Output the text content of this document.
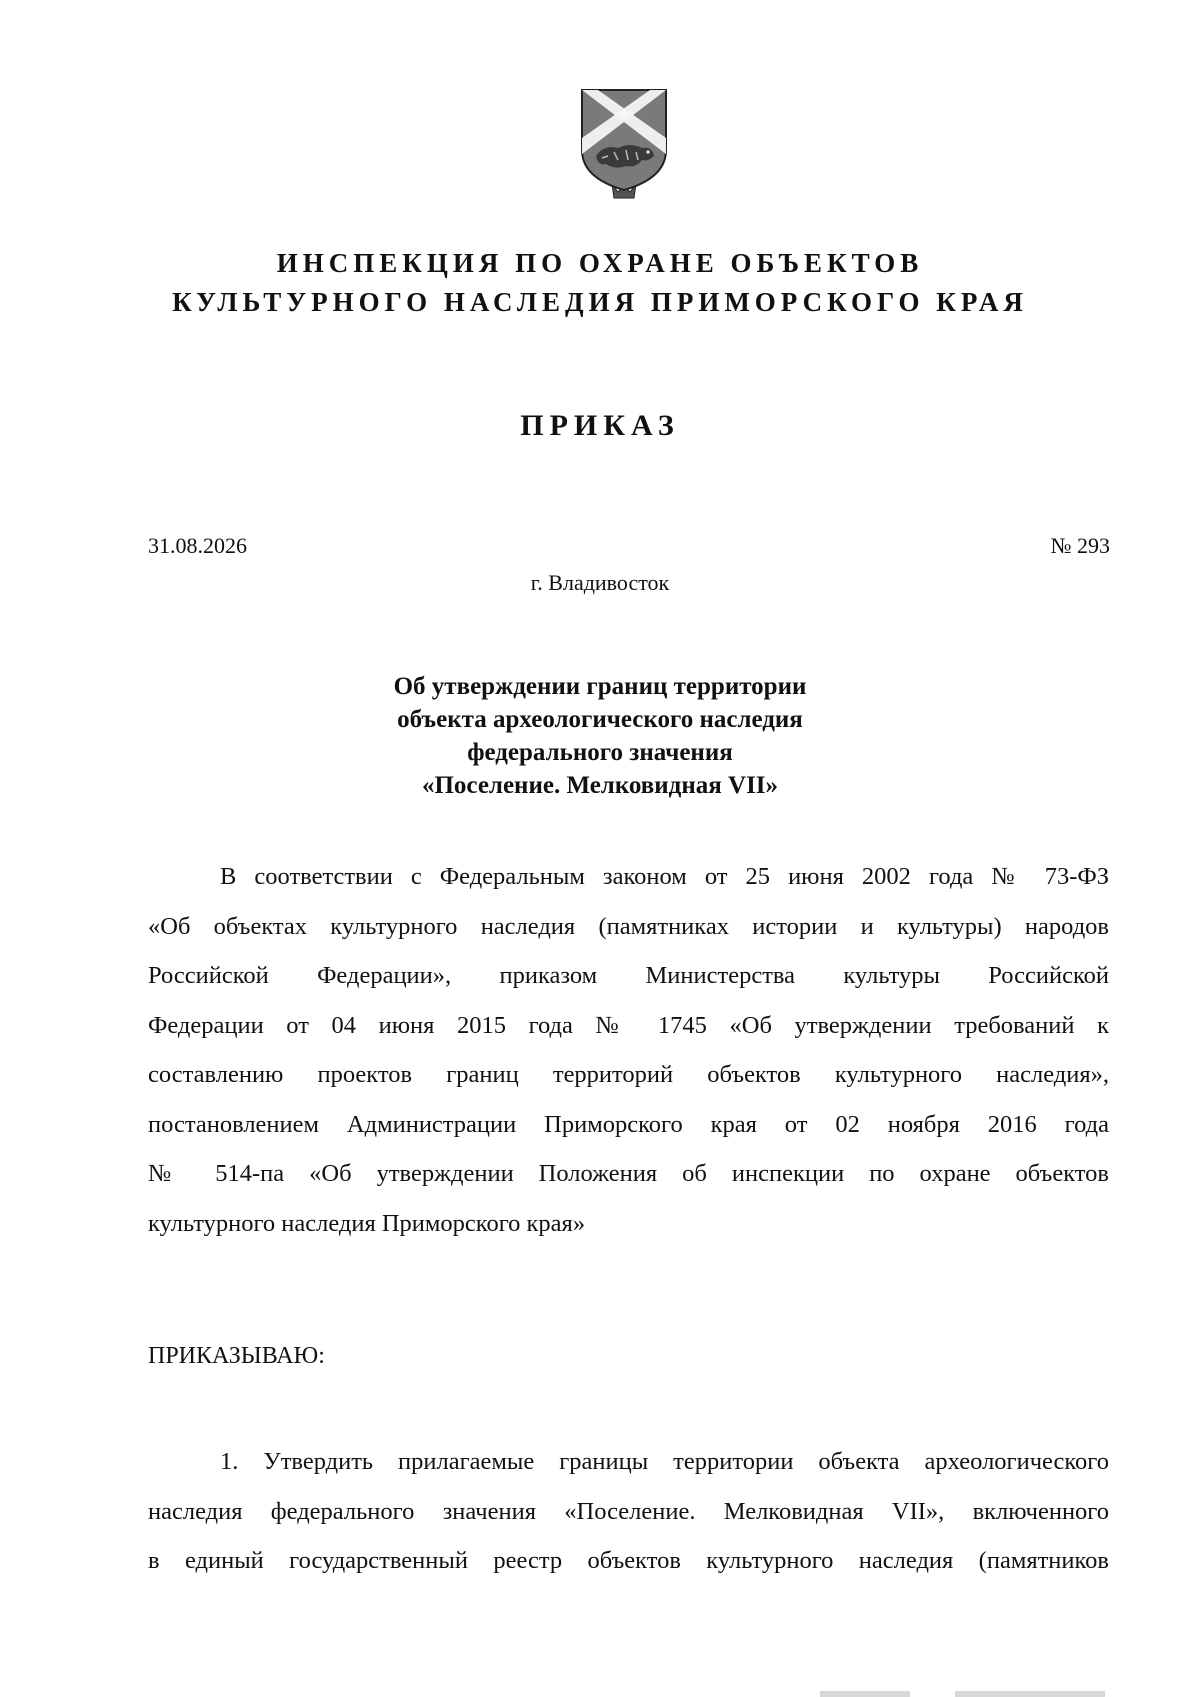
ИНСПЕКЦИЯ ПО ОХРАНЕ ОБЪЕКТОВ
КУЛЬТУРНОГО НАСЛЕДИЯ ПРИМОРСКОГО КРАЯ
ПРИКАЗ
31.08.2026	№ 293
г. Владивосток
Об утверждении границ территории
объекта археологического наследия
федерального значения
«Поселение. Мелковидная VII»
В соответствии с Федеральным законом от 25 июня 2002 года № 73-ФЗ
«Об объектах культурного наследия (памятниках истории и культуры) народов
Российской Федерации», приказом Министерства культуры Российской
Федерации от 04 июня 2015 года № 1745 «Об утверждении требований к
составлению проектов границ территорий объектов культурного наследия»,
постановлением Администрации Приморского края от 02 ноября 2016 года
№ 514-па «Об утверждении Положения об инспекции по охране объектов
культурного наследия Приморского края»
ПРИКАЗЫВАЮ:
1. Утвердить прилагаемые границы территории объекта археологического
наследия федерального значения «Поселение. Мелковидная VII», включенного
в единый государственный реестр объектов культурного наследия (памятников
